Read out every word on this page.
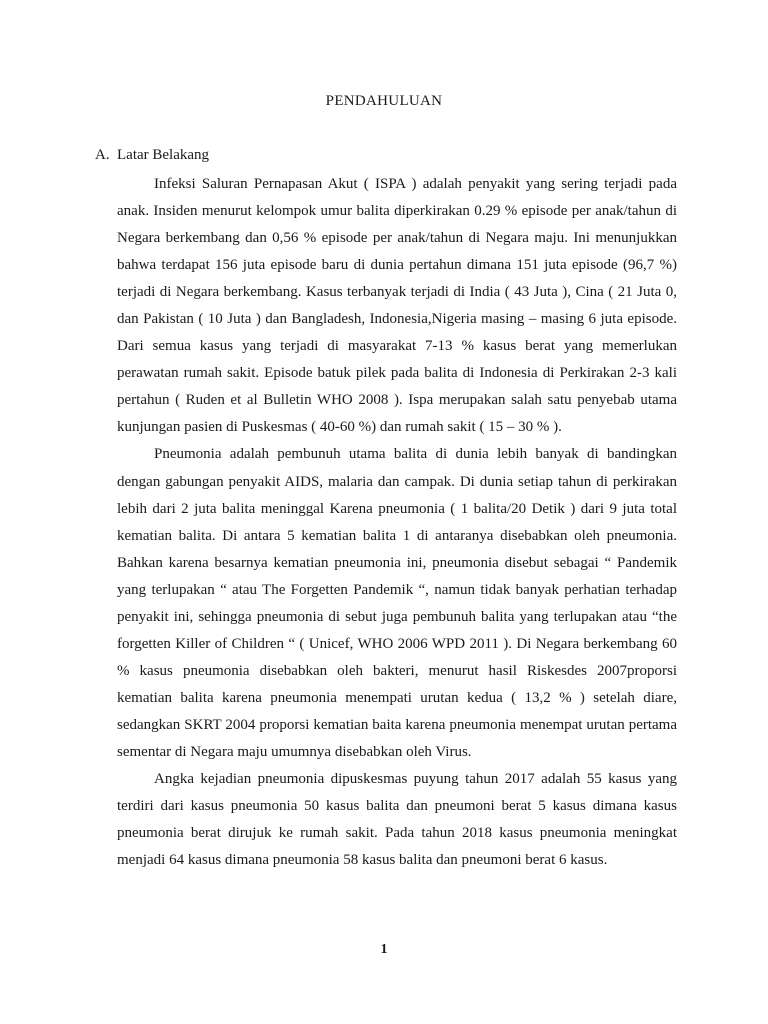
PENDAHULUAN
A. Latar Belakang

Infeksi Saluran Pernapasan Akut ( ISPA ) adalah penyakit yang sering terjadi pada anak. Insiden menurut kelompok umur balita diperkirakan 0.29 % episode per anak/tahun di Negara berkembang dan 0,56 % episode per anak/tahun di Negara maju. Ini menunjukkan bahwa terdapat 156 juta episode baru di dunia pertahun dimana 151 juta episode (96,7 %) terjadi di Negara berkembang. Kasus terbanyak terjadi di India ( 43 Juta ), Cina ( 21 Juta 0, dan Pakistan ( 10 Juta ) dan Bangladesh, Indonesia,Nigeria masing – masing 6 juta episode. Dari semua kasus yang terjadi di masyarakat 7-13 % kasus berat yang memerlukan perawatan rumah sakit. Episode batuk pilek pada balita di Indonesia di Perkirakan 2-3 kali pertahun ( Ruden et al Bulletin WHO 2008 ). Ispa merupakan salah satu penyebab utama kunjungan pasien di Puskesmas ( 40-60 %) dan rumah sakit ( 15 – 30 % ).

Pneumonia adalah pembunuh utama balita di dunia lebih banyak di bandingkan dengan gabungan penyakit AIDS, malaria dan campak. Di dunia setiap tahun di perkirakan lebih dari 2 juta balita meninggal Karena pneumonia ( 1 balita/20 Detik ) dari 9 juta total kematian balita. Di antara 5 kematian balita 1 di antaranya disebabkan oleh pneumonia. Bahkan karena besarnya kematian pneumonia ini, pneumonia disebut sebagai “ Pandemik yang terlupakan “ atau The Forgetten Pandemik “, namun tidak banyak perhatian terhadap penyakit ini, sehingga pneumonia di sebut juga pembunuh balita yang terlupakan atau “the forgetten Killer of Children “ ( Unicef, WHO 2006 WPD 2011 ). Di Negara berkembang 60 % kasus pneumonia disebabkan oleh bakteri, menurut hasil Riskesdes 2007proporsi kematian balita karena pneumonia menempati urutan kedua ( 13,2 % ) setelah diare, sedangkan SKRT 2004 proporsi kematian baita karena pneumonia menempat urutan pertama sementar di Negara maju umumnya disebabkan oleh Virus.

Angka kejadian pneumonia dipuskesmas puyung tahun 2017 adalah 55 kasus yang terdiri dari kasus pneumonia 50 kasus balita dan pneumoni berat 5 kasus dimana kasus pneumonia berat dirujuk ke rumah sakit. Pada tahun 2018 kasus pneumonia meningkat menjadi 64 kasus dimana pneumonia 58 kasus balita dan pneumoni berat 6 kasus.

1
